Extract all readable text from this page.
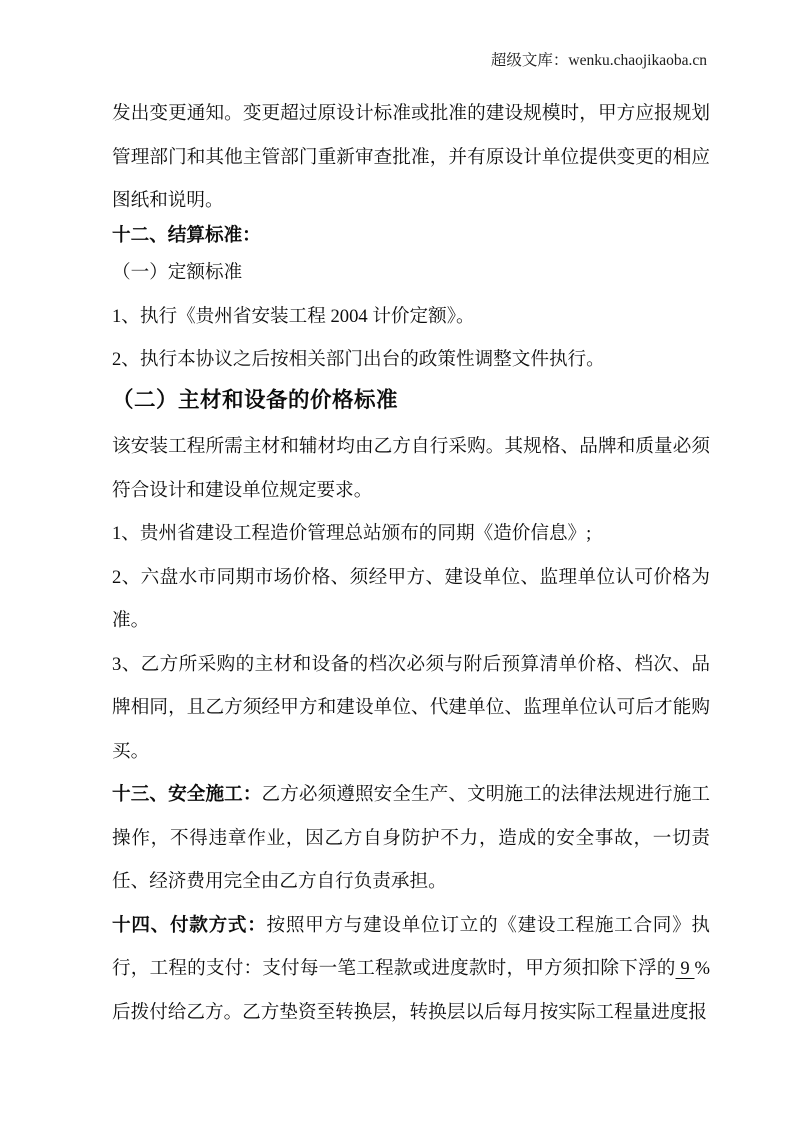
超级文库：wenku.chaojikaoba.cn

发出变更通知。变更超过原设计标准或批准的建设规模时，甲方应报规划管理部门和其他主管部门重新审查批准，并有原设计单位提供变更的相应图纸和说明。

十二、结算标准：

（一）定额标准

1、执行《贵州省安装工程 2004 计价定额》。

2、执行本协议之后按相关部门出台的政策性调整文件执行。

（二）主材和设备的价格标准

该安装工程所需主材和辅材均由乙方自行采购。其规格、品牌和质量必须符合设计和建设单位规定要求。

1、贵州省建设工程造价管理总站颁布的同期《造价信息》;

2、六盘水市同期市场价格、须经甲方、建设单位、监理单位认可价格为准。

3、乙方所采购的主材和设备的档次必须与附后预算清单价格、档次、品牌相同，且乙方须经甲方和建设单位、代建单位、监理单位认可后才能购买。

十三、安全施工：乙方必须遵照安全生产、文明施工的法律法规进行施工操作，不得违章作业，因乙方自身防护不力，造成的安全事故，一切责任、经济费用完全由乙方自行负责承担。

十四、付款方式：按照甲方与建设单位订立的《建设工程施工合同》执行，工程的支付：支付每一笔工程款或进度款时，甲方须扣除下浮的 9 %后拨付给乙方。乙方垫资至转换层，转换层以后每月按实际工程量进度报
